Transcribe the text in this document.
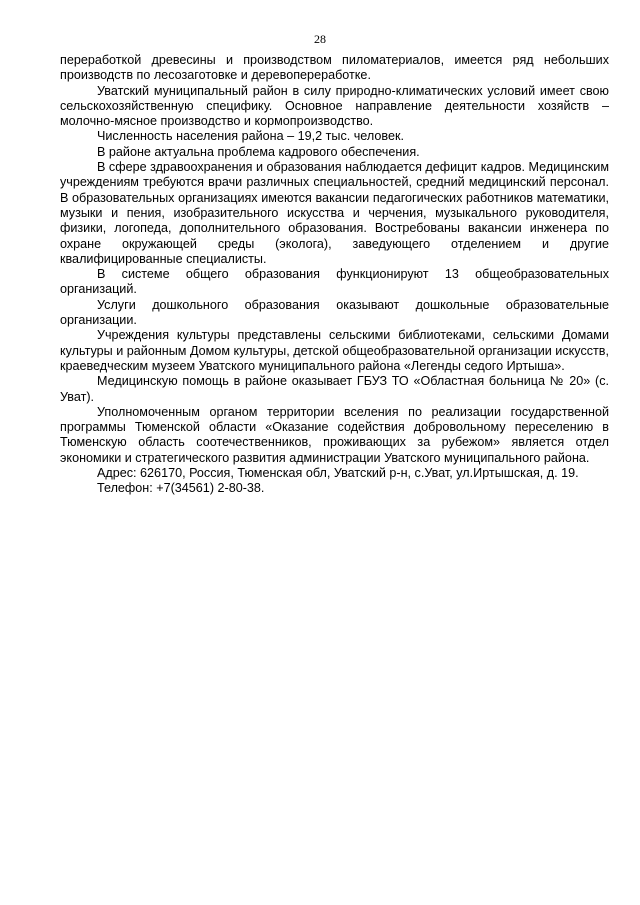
28

переработкой древесины и производством пиломатериалов, имеется ряд небольших производств по лесозаготовке и деревопереработке.

Уватский муниципальный район в силу природно-климатических условий имеет свою сельскохозяйственную специфику. Основное направление деятельности хозяйств – молочно-мясное производство и кормопроизводство.

Численность населения района – 19,2 тыс. человек.

В районе актуальна проблема кадрового обеспечения.

В сфере здравоохранения и образования наблюдается дефицит кадров. Медицинским учреждениям требуются врачи различных специальностей, средний медицинский персонал. В образовательных организациях имеются вакансии педагогических работников математики, музыки и пения, изобразительного искусства и черчения, музыкального руководителя, физики, логопеда, дополнительного образования. Востребованы вакансии инженера по охране окружающей среды (эколога), заведующего отделением и другие квалифицированные специалисты.

В системе общего образования функционируют 13 общеобразовательных организаций.

Услуги дошкольного образования оказывают дошкольные образовательные организации.

Учреждения культуры представлены сельскими библиотеками, сельскими Домами культуры и районным Домом культуры, детской общеобразовательной организации искусств, краеведческим музеем Уватского муниципального района «Легенды седого Иртыша».

Медицинскую помощь в районе оказывает ГБУЗ ТО «Областная больница № 20» (с. Уват).

Уполномоченным органом территории вселения по реализации государственной программы Тюменской области «Оказание содействия добровольному переселению в Тюменскую область соотечественников, проживающих за рубежом» является отдел экономики и стратегического развития администрации Уватского муниципального района.

Адрес: 626170, Россия, Тюменская обл, Уватский р-н, с.Уват, ул.Иртышская, д. 19.

Телефон: +7(34561) 2-80-38.
